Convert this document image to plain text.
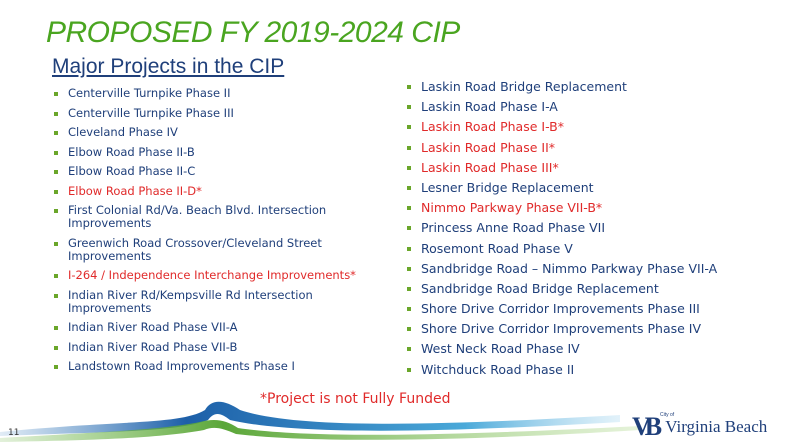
PROPOSED FY 2019-2024 CIP
Major Projects in the CIP
Centerville Turnpike Phase II
Centerville Turnpike Phase III
Cleveland Phase IV
Elbow Road Phase II-B
Elbow Road Phase II-C
Elbow Road Phase II-D*
First Colonial Rd/Va. Beach Blvd. Intersection Improvements
Greenwich Road Crossover/Cleveland Street Improvements
I-264 / Independence Interchange Improvements*
Indian River Rd/Kempsville Rd Intersection Improvements
Indian River Road Phase VII-A
Indian River Road Phase VII-B
Landstown Road Improvements Phase I
Laskin Road Bridge Replacement
Laskin Road Phase I-A
Laskin Road Phase I-B*
Laskin Road Phase II*
Laskin Road Phase III*
Lesner Bridge Replacement
Nimmo Parkway Phase VII-B*
Princess Anne Road Phase VII
Rosemont Road Phase V
Sandbridge Road – Nimmo Parkway Phase VII-A
Sandbridge Road Bridge Replacement
Shore Drive Corridor Improvements Phase III
Shore Drive Corridor Improvements Phase IV
West Neck Road Phase IV
Witchduck Road Phase II
*Project is not Fully Funded
11	VB City of
Virginia Beach
